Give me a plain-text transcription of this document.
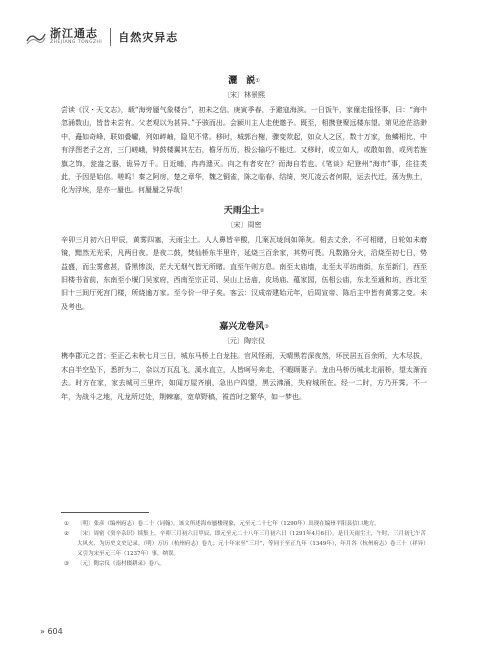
浙江通志
ZHEJIANG TONGZHI 自然灾异志
灑　説①
〔宋〕林景熙

尝读《汉・天文志》，载“海旁蜃气象楼台”，初未之信。庚寅季春，予避寇海滨。一日饭午，家僮走报怪事，曰：“海中忽涌数山，皆昔未尝有。父老观以为甚异。”予骇而出。会颍川主人走使邀予。既至，相携登聚远楼东望。第见沧茫浩渺中，矗如奇峰，联如叠巘，列如崪岫，隐见不常。移时，城郭台榭，骤变欻起，如众人之区，数十万家，鱼鳞相比，中有浮图老子之宫，三门嵯峨，钟鼓楼翼其左右，檐牙历历，极公输巧不能过。又移时，或立如人，或散如兽，或列若旌旗之饰，瓮盎之器，诡异万千。日近晡，冉冉漶灭。向之有者安在？而海自若也。《笔谈》纪登州“海市”事，往往类此，予因是始信。嗟呜！秦之阿房，楚之章华，魏之铜雀，陈之临春、结绮，突兀凌云者何限，运去代迁，荡为焦土，化为浮埃，是亦一蜃也。何蜃蜃之异哉！

天雨尘土②
〔宋〕周密

辛卯三月初六日甲辰，黄雾四塞，天雨尘土。人人鼻皆辛酸，几案瓦垅间如筛灰。相去丈余，不可相睹，日轮如未磨镜，黯然无光采，凡两日夜。是夜二鼓，焚仙桥东半里许，延烧三百余家，其势可畏。凡数路分火，沿烧至初七日，势益盛，而尘雾愈甚，昏黑惨淡，茫大无烟气皆无所睹。直至午则方息。南至太庙墙，北至太平坊南街，东至新门，西至旧楼书省前，东南至小堰门吴家府，西南至宗正司、吴山上岳庙，皮场庙、蕴家园，伍相公庙，东北至通和坊，西北至旧十三间厅死宫门楼，所烧逾万家。至今价一甲子矣。客云：汉成帝建始元年，后周宣帝、陈后主中皆有黄雾之变。未及考也。

嘉兴龙卷风③
〔元〕陶宗仪

槜李郡元之首；至正乙未秋七月三日，城东马桥上白龙挂。官风怪雨，天晴黑若深夜然，坏民居五百余所，大木尽拔，木自半空坠下，悉折为二，杂以万瓦乱飞，溪水直立，人皆呵号奔走，不暇顾妻子。龙由马桥历城北北丽桥，望太渐而去。时方在家，家去城可三里许，如闻万屋齐崩，急出户四望，黑云沸涌，失府城所在。经一二时，方乃开霁。不一年，为战斗之地，凡龙所过处，荆棘塞，宽草野稿，袚首时之繁华，如一梦也。

①	〔明〕张彦（编州府志）卷二十（词翰）。该文所述海市蜃楼现象，元至元二十七年（1290年）出现在编州平阳县信口地方。
②	〔宋〕周密《癸辛杂识》续集上。辛卯三月初六日甲辰，即元至元二十八年三月初六日（1291年4月6日）。是日天雨尘土，午时，三月初七午苦大风火，为历史文史记录。（明）万历（杭州府志）卷九；元十年宋至“三月”，等同于至正九年（1349年），年月各（杭州府志）卷三十（祥异）又引为宋至元三年（1237年）事，纳误。
③	〔元〕陶宗仪《南村辍耕录》卷八。
» 604
